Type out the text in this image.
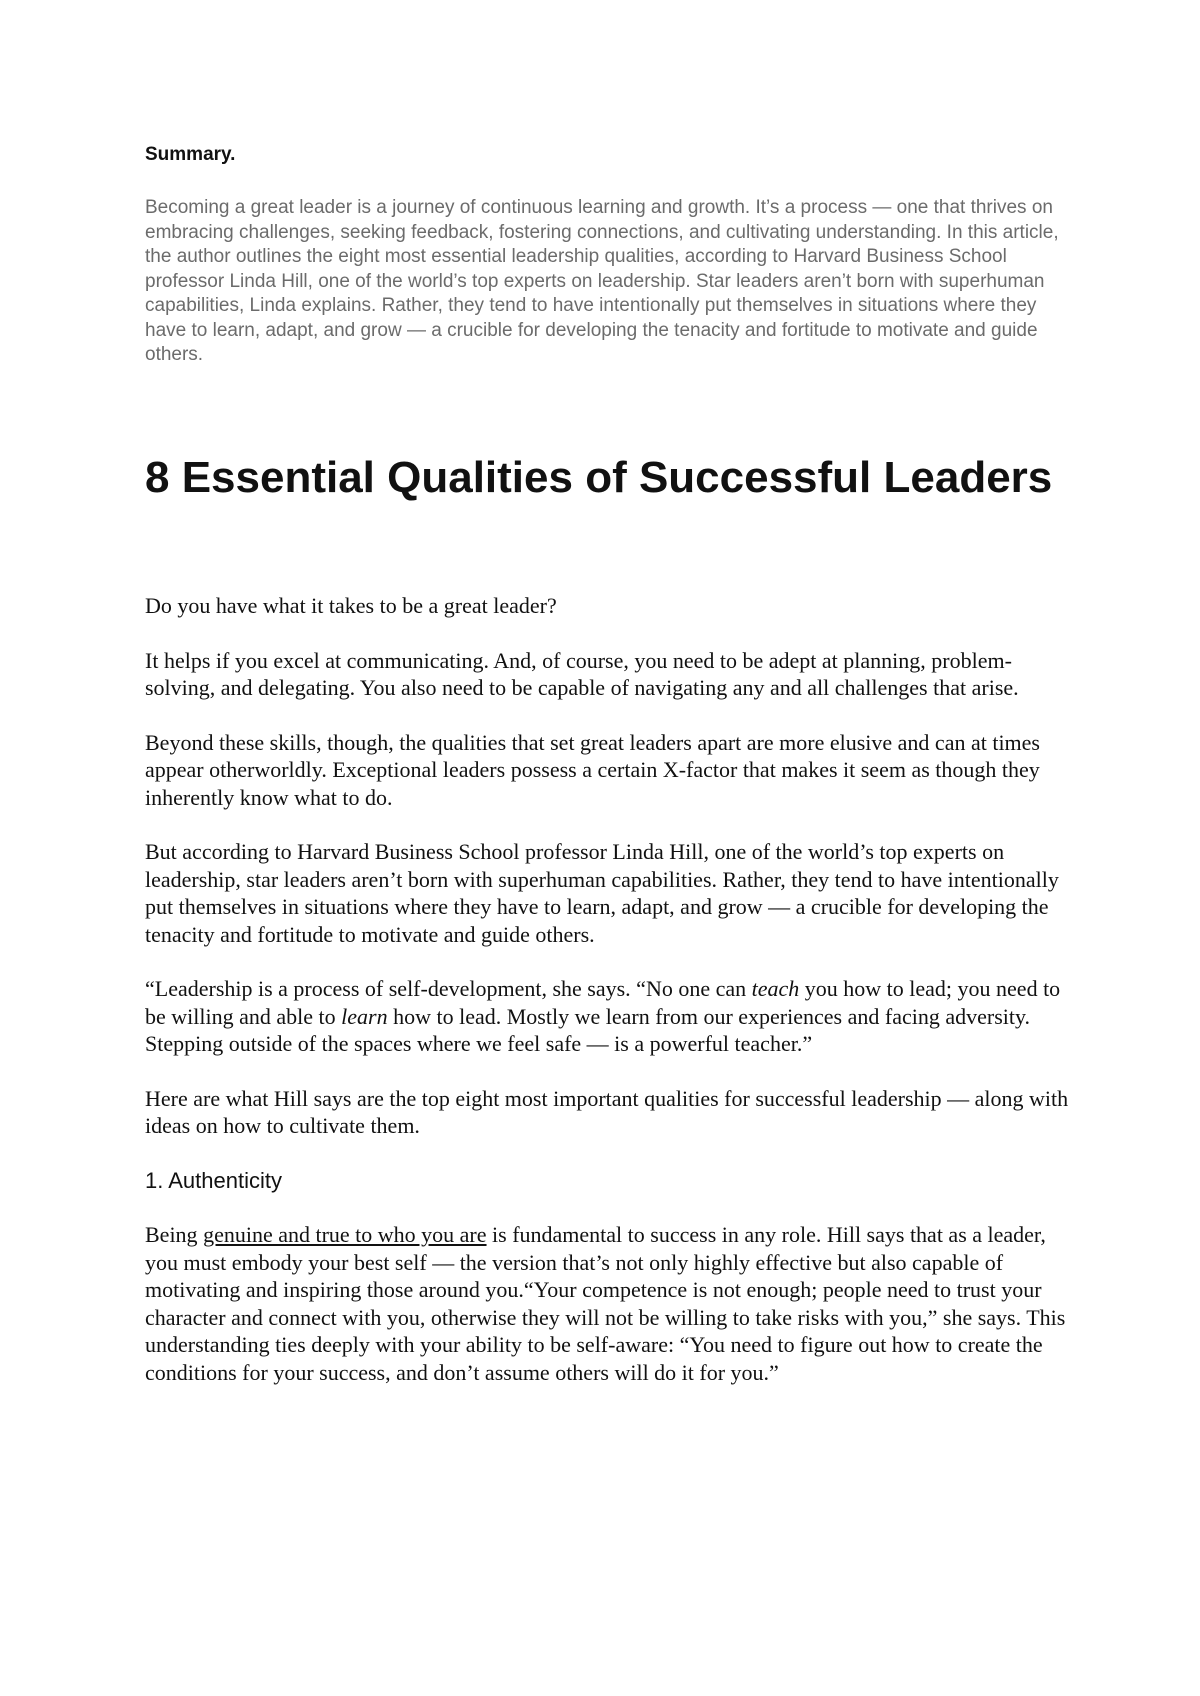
Summary.

Becoming a great leader is a journey of continuous learning and growth. It’s a process — one that thrives on embracing challenges, seeking feedback, fostering connections, and cultivating understanding. In this article, the author outlines the eight most essential leadership qualities, according to Harvard Business School professor Linda Hill, one of the world’s top experts on leadership. Star leaders aren’t born with superhuman capabilities, Linda explains. Rather, they tend to have intentionally put themselves in situations where they have to learn, adapt, and grow — a crucible for developing the tenacity and fortitude to motivate and guide others.

8 Essential Qualities of Successful Leaders

Do you have what it takes to be a great leader?

It helps if you excel at communicating. And, of course, you need to be adept at planning, problem-solving, and delegating. You also need to be capable of navigating any and all challenges that arise.

Beyond these skills, though, the qualities that set great leaders apart are more elusive and can at times appear otherworldly. Exceptional leaders possess a certain X-factor that makes it seem as though they inherently know what to do.

But according to Harvard Business School professor Linda Hill, one of the world’s top experts on leadership, star leaders aren’t born with superhuman capabilities. Rather, they tend to have intentionally put themselves in situations where they have to learn, adapt, and grow — a crucible for developing the tenacity and fortitude to motivate and guide others.

“Leadership is a process of self-development, she says. “No one can teach you how to lead; you need to be willing and able to learn how to lead. Mostly we learn from our experiences and facing adversity. Stepping outside of the spaces where we feel safe — is a powerful teacher.”

Here are what Hill says are the top eight most important qualities for successful leadership — along with ideas on how to cultivate them.

1. Authenticity

Being genuine and true to who you are is fundamental to success in any role. Hill says that as a leader, you must embody your best self — the version that’s not only highly effective but also capable of motivating and inspiring those around you.“Your competence is not enough; people need to trust your character and connect with you, otherwise they will not be willing to take risks with you,” she says. This understanding ties deeply with your ability to be self-aware: “You need to figure out how to create the conditions for your success, and don’t assume others will do it for you.”
